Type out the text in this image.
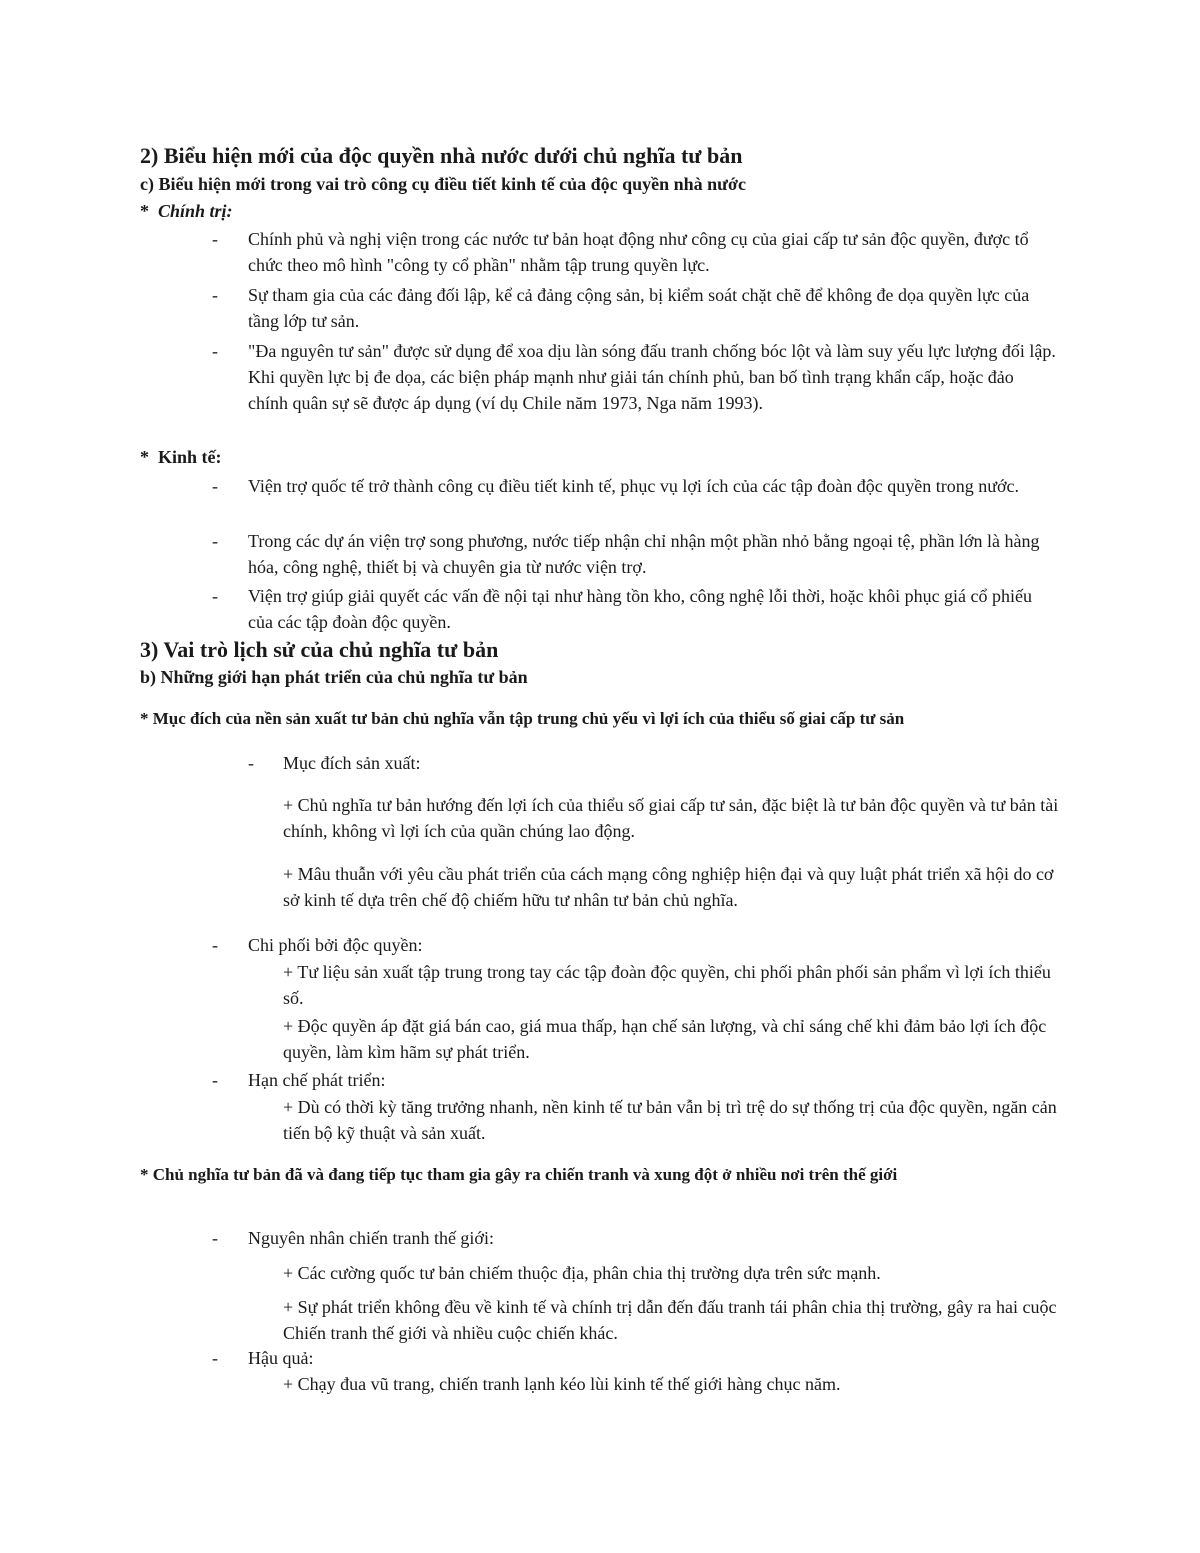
2) Biểu hiện mới của độc quyền nhà nước dưới chủ nghĩa tư bản
c) Biểu hiện mới trong vai trò công cụ điều tiết kinh tế của độc quyền nhà nước
*  Chính trị:
- Chính phủ và nghị viện trong các nước tư bản hoạt động như công cụ của giai cấp tư sản độc quyền, được tổ chức theo mô hình "công ty cổ phần" nhằm tập trung quyền lực.
- Sự tham gia của các đảng đối lập, kể cả đảng cộng sản, bị kiểm soát chặt chẽ để không đe dọa quyền lực của tầng lớp tư sản.
- "Đa nguyên tư sản" được sử dụng để xoa dịu làn sóng đấu tranh chống bóc lột và làm suy yếu lực lượng đối lập. Khi quyền lực bị đe dọa, các biện pháp mạnh như giải tán chính phủ, ban bố tình trạng khẩn cấp, hoặc đảo chính quân sự sẽ được áp dụng (ví dụ Chile năm 1973, Nga năm 1993).
*  Kinh tế:
- Viện trợ quốc tế trở thành công cụ điều tiết kinh tế, phục vụ lợi ích của các tập đoàn độc quyền trong nước.
- Trong các dự án viện trợ song phương, nước tiếp nhận chỉ nhận một phần nhỏ bằng ngoại tệ, phần lớn là hàng hóa, công nghệ, thiết bị và chuyên gia từ nước viện trợ.
- Viện trợ giúp giải quyết các vấn đề nội tại như hàng tồn kho, công nghệ lỗi thời, hoặc khôi phục giá cổ phiếu của các tập đoàn độc quyền.
3) Vai trò lịch sử của chủ nghĩa tư bản
b) Những giới hạn phát triển của chủ nghĩa tư bản
* Mục đích của nền sản xuất tư bản chủ nghĩa vẫn tập trung chủ yếu vì lợi ích của thiểu số giai cấp tư sản
- Mục đích sản xuất:
+ Chủ nghĩa tư bản hướng đến lợi ích của thiểu số giai cấp tư sản, đặc biệt là tư bản độc quyền và tư bản tài chính, không vì lợi ích của quần chúng lao động.
+ Mâu thuẫn với yêu cầu phát triển của cách mạng công nghiệp hiện đại và quy luật phát triển xã hội do cơ sở kinh tế dựa trên chế độ chiếm hữu tư nhân tư bản chủ nghĩa.
- Chi phối bởi độc quyền:
+ Tư liệu sản xuất tập trung trong tay các tập đoàn độc quyền, chi phối phân phối sản phẩm vì lợi ích thiểu số.
+ Độc quyền áp đặt giá bán cao, giá mua thấp, hạn chế sản lượng, và chỉ sáng chế khi đảm bảo lợi ích độc quyền, làm kìm hãm sự phát triển.
- Hạn chế phát triển:
+ Dù có thời kỳ tăng trưởng nhanh, nền kinh tế tư bản vẫn bị trì trệ do sự thống trị của độc quyền, ngăn cản tiến bộ kỹ thuật và sản xuất.
* Chủ nghĩa tư bản đã và đang tiếp tục tham gia gây ra chiến tranh và xung đột ở nhiều nơi trên thế giới
- Nguyên nhân chiến tranh thế giới:
+ Các cường quốc tư bản chiếm thuộc địa, phân chia thị trường dựa trên sức mạnh.
+ Sự phát triển không đều về kinh tế và chính trị dẫn đến đấu tranh tái phân chia thị trường, gây ra hai cuộc Chiến tranh thế giới và nhiều cuộc chiến khác.
- Hậu quả:
+ Chạy đua vũ trang, chiến tranh lạnh kéo lùi kinh tế thế giới hàng chục năm.
